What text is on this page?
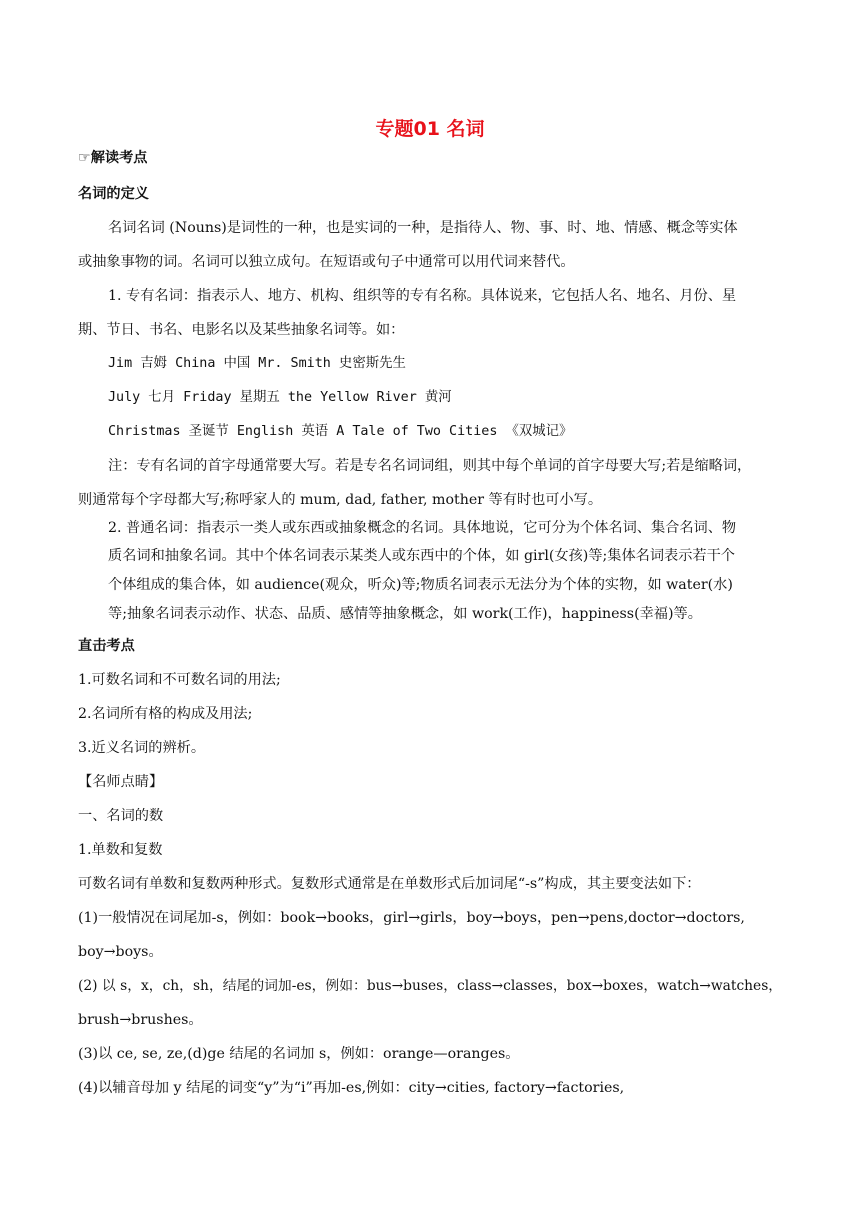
专题01 名词
☞解读考点
名词的定义
名词名词 (Nouns)是词性的一种，也是实词的一种，是指待人、物、事、时、地、情感、概念等实体
或抽象事物的词。名词可以独立成句。在短语或句子中通常可以用代词来替代。
1. 专有名词：指表示人、地方、机构、组织等的专有名称。具体说来，它包括人名、地名、月份、星
期、节日、书名、电影名以及某些抽象名词等。如：
Jim 吉姆 China 中国 Mr. Smith 史密斯先生
July 七月 Friday 星期五 the Yellow River 黄河
Christmas 圣诞节 English 英语 A Tale of Two Cities 《双城记》
注：专有名词的首字母通常要大写。若是专名名词词组，则其中每个单词的首字母要大写;若是缩略词，
则通常每个字母都大写;称呼家人的 mum, dad, father, mother 等有时也可小写。
2. 普通名词：指表示一类人或东西或抽象概念的名词。具体地说，它可分为个体名词、集合名词、物
质名词和抽象名词。其中个体名词表示某类人或东西中的个体，如 girl(女孩)等;集体名词表示若干个
个体组成的集合体，如 audience(观众，听众)等;物质名词表示无法分为个体的实物，如 water(水)
等;抽象名词表示动作、状态、品质、感情等抽象概念，如 work(工作)，happiness(幸福)等。
直击考点
1.可数名词和不可数名词的用法;
2.名词所有格的构成及用法;
3.近义名词的辨析。
【名师点睛】
一、名词的数
1.单数和复数
可数名词有单数和复数两种形式。复数形式通常是在单数形式后加词尾“-s”构成，其主要变法如下：
(1)一般情况在词尾加-s，例如：book→books，girl→girls，boy→boys，pen→pens,doctor→doctors,
boy→boys。
(2) 以 s，x，ch，sh，结尾的词加-es，例如：bus→buses，class→classes，box→boxes，watch→watches，
brush→brushes。
(3)以 ce, se, ze,(d)ge 结尾的名词加 s，例如：orange—oranges。
(4)以辅音母加 y 结尾的词变“y”为“i”再加-es,例如：city→cities, factory→factories,
